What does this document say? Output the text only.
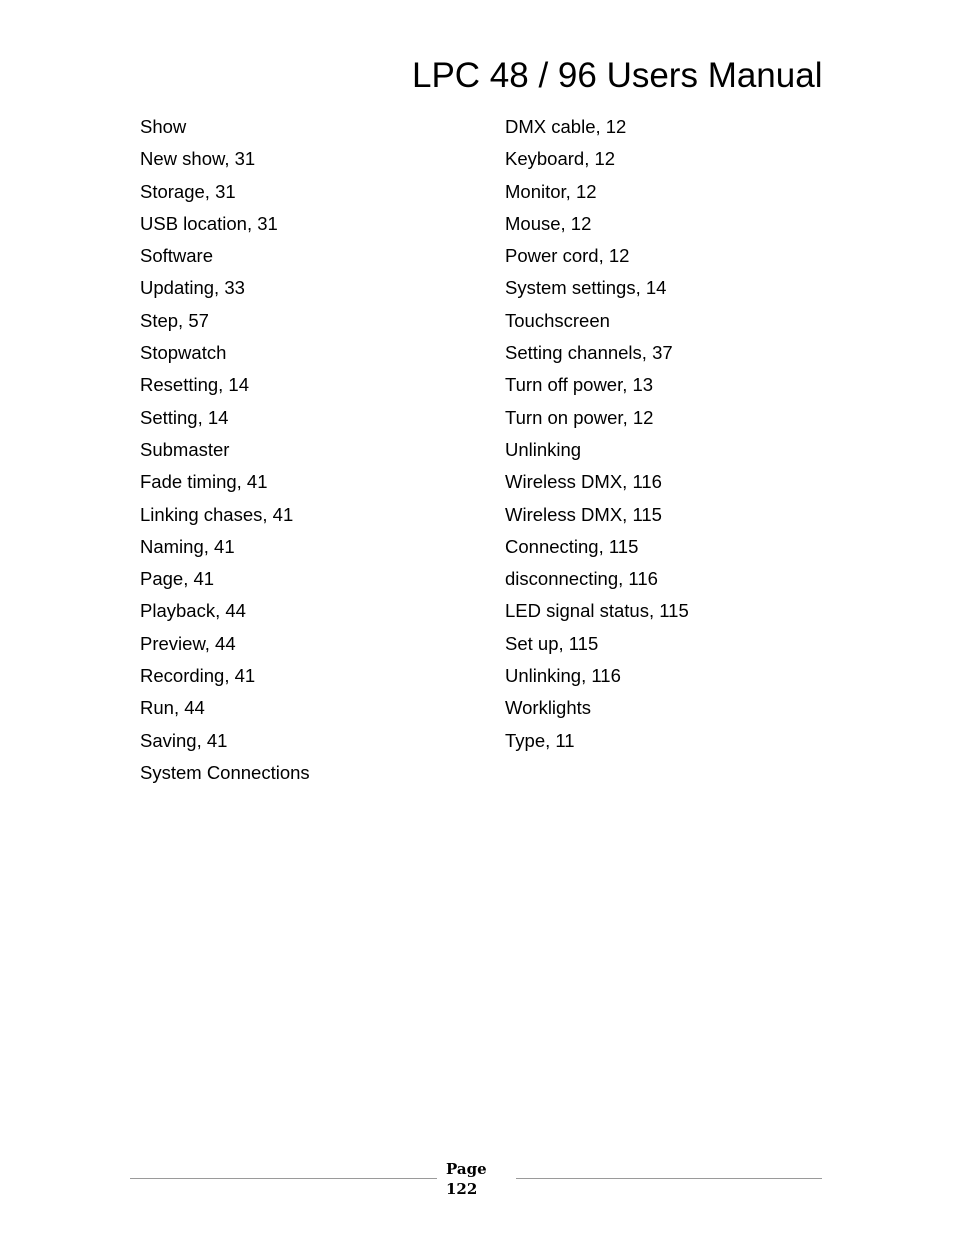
LPC 48 / 96 Users Manual
Show
New show, 31
Storage, 31
USB location, 31
Software
Updating, 33
Step, 57
Stopwatch
Resetting, 14
Setting, 14
Submaster
Fade timing, 41
Linking chases, 41
Naming, 41
Page, 41
Playback, 44
Preview, 44
Recording, 41
Run, 44
Saving, 41
System Connections
DMX cable, 12
Keyboard, 12
Monitor, 12
Mouse, 12
Power cord, 12
System settings, 14
Touchscreen
Setting channels, 37
Turn off power, 13
Turn on power, 12
Unlinking
Wireless DMX, 116
Wireless DMX, 115
Connecting, 115
disconnecting, 116
LED signal status, 115
Set up, 115
Unlinking, 116
Worklights
Type, 11
Page
122
